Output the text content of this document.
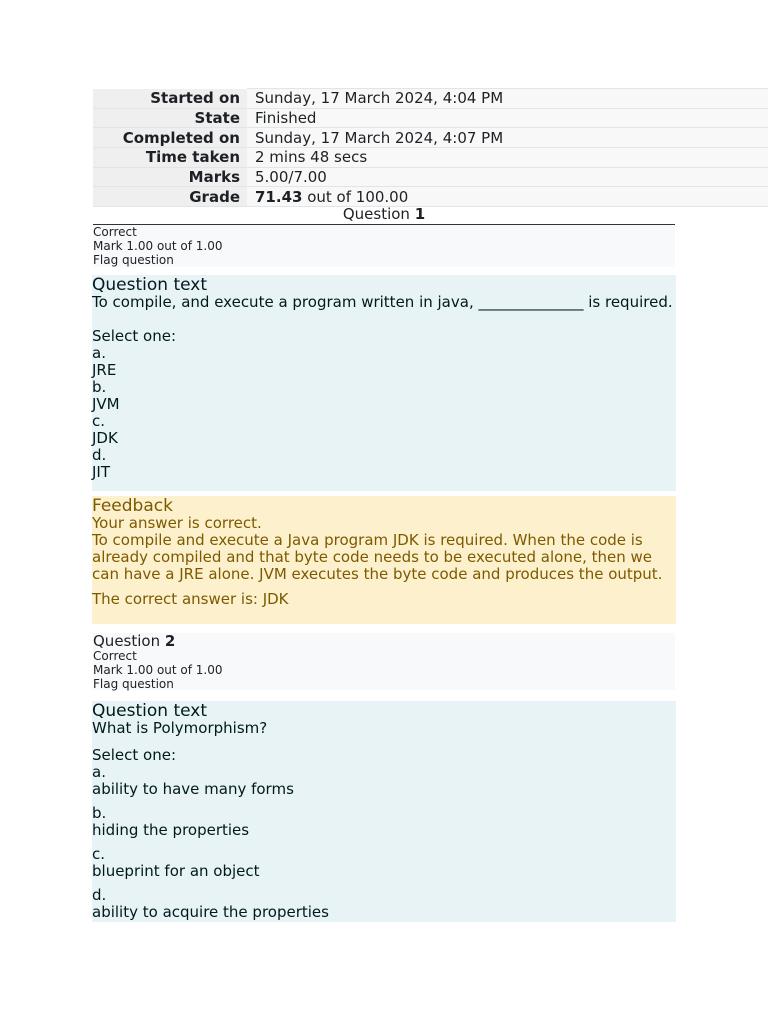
Started on	Sunday, 17 March 2024, 4:04 PM
State	Finished
Completed on	Sunday, 17 March 2024, 4:07 PM
Time taken	2 mins 48 secs
Marks	5.00/7.00
Grade	71.43 out of 100.00
Question 1
Correct
Mark 1.00 out of 1.00
Flag question
Question text

To compile, and execute a program written in java, ______________ is required.

Select one:

a.

JRE

b.

JVM

c.

JDK

d.

JIT

Feedback

Your answer is correct.

To compile and execute a Java program JDK is required. When the code is already compiled and that byte code needs to be executed alone, then we can have a JRE alone. JVM executes the byte code and produces the output.

The correct answer is: JDK

Question 2
Correct
Mark 1.00 out of 1.00
Flag question
Question text

What is Polymorphism?

Select one:

a.

ability to have many forms

b.

hiding the properties

c.

blueprint for an object

d.

ability to acquire the properties
